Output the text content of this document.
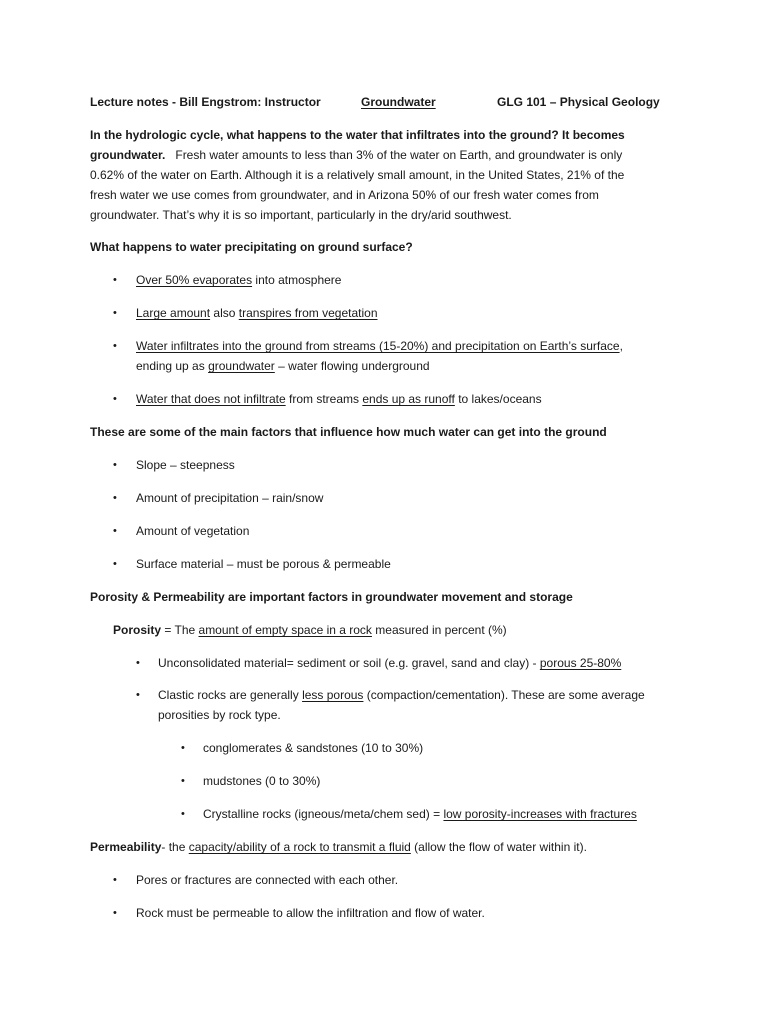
Lecture notes - Bill Engstrom: Instructor	Groundwater	GLG 101 – Physical Geology
In the hydrologic cycle, what happens to the water that infiltrates into the ground? It becomes
groundwater. Fresh water amounts to less than 3% of the water on Earth, and groundwater is only
0.62% of the water on Earth. Although it is a relatively small amount, in the United States, 21% of the
fresh water we use comes from groundwater, and in Arizona 50% of our fresh water comes from
groundwater. That’s why it is so important, particularly in the dry/arid southwest.
What happens to water precipitating on ground surface?
• Over 50% evaporates into atmosphere
• Large amount also transpires from vegetation
• Water infiltrates into the ground from streams (15-20%) and precipitation on Earth’s surface,
ending up as groundwater – water flowing underground
• Water that does not infiltrate from streams ends up as runoff to lakes/oceans
These are some of the main factors that influence how much water can get into the ground
• Slope – steepness
• Amount of precipitation – rain/snow
• Amount of vegetation
• Surface material – must be porous & permeable
Porosity & Permeability are important factors in groundwater movement and storage
Porosity = The amount of empty space in a rock measured in percent (%)
• Unconsolidated material= sediment or soil (e.g. gravel, sand and clay) - porous 25-80%
• Clastic rocks are generally less porous (compaction/cementation). These are some average
porosities by rock type.
• conglomerates & sandstones (10 to 30%)
• mudstones (0 to 30%)
• Crystalline rocks (igneous/meta/chem sed) = low porosity-increases with fractures
Permeability- the capacity/ability of a rock to transmit a fluid (allow the flow of water within it).
• Pores or fractures are connected with each other.
• Rock must be permeable to allow the infiltration and flow of water.
